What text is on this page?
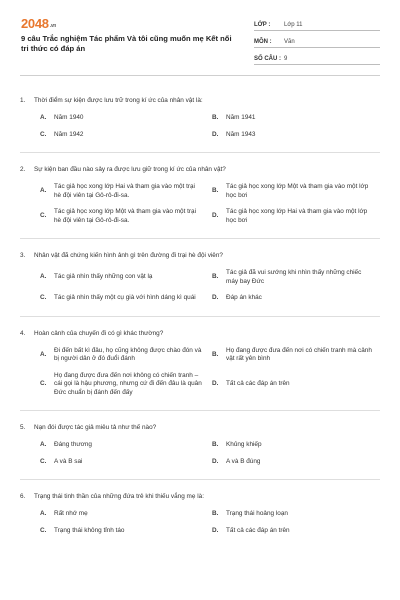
2048.vn
9 câu Trắc nghiệm Tác phẩm Và tôi cũng muốn mẹ Kết nối tri thức có đáp án
LỚP :	Lớp 11
MÔN :	Văn
SỐ CÂU : 9
1.	Thời điểm sự kiện được lưu trữ trong kí ức của nhân vật là:
A.	Năm 1940	B.	Năm 1941
C.	Năm 1942	D.	Năm 1943
2.	Sự kiện ban đầu nào sảy ra được lưu giữ trong kí ức của nhân vật?
A.
Tác giả học xong lớp Hai và tham gia vào một trại hè đội viên tại Gô-rô-đi-sa.
B.
Tác giả học xong lớp Một và tham gia vào một lớp học bơi
C.
Tác giả học xong lớp Một và tham gia vào một trại hè đội viên tại Gô-rô-đi-sa.
D.
Tác giả học xong lớp Hai và tham gia vào một lớp học bơi
3.	Nhân vật đã chứng kiến hình ảnh gì trên đường đi trại hè đội viên?
A.	Tác giả nhìn thấy những con vật lạ	B.
Tác giả đã vui sướng khi nhìn thấy những chiếc máy bay Đức
C.	Tác giả nhìn thấy một cụ già với hình dáng kì quái	D.	Đáp án khác
4.	Hoàn cảnh của chuyến đi có gì khác thường?
A.
Đi đến bất kì đâu, họ cũng không được chào đón và bị người dân ở đó đuổi đánh
B.
Họ đang được đưa đến nơi có chiến tranh mà cảnh vật rất yên bình
C.
Họ đang được đưa đến nơi không có chiến tranh – cái gọi là hậu phương, nhưng cứ đi đến đâu là quân Đức chuẩn bị đánh đến đấy
D.	Tất cả các đáp án trên
5.	Nạn đói được tác giả miêu tả như thế nào?
A.	Đáng thương	B.	Khủng khiếp
C.	A và B sai	D.	A và B đúng
6.	Trạng thái tinh thần của những đứa trẻ khi thiếu vắng mẹ là:
A.	Rất nhớ mẹ	B.	Trạng thái hoảng loạn
C.	Trạng thái không tỉnh táo	D.	Tất cả các đáp án trên
